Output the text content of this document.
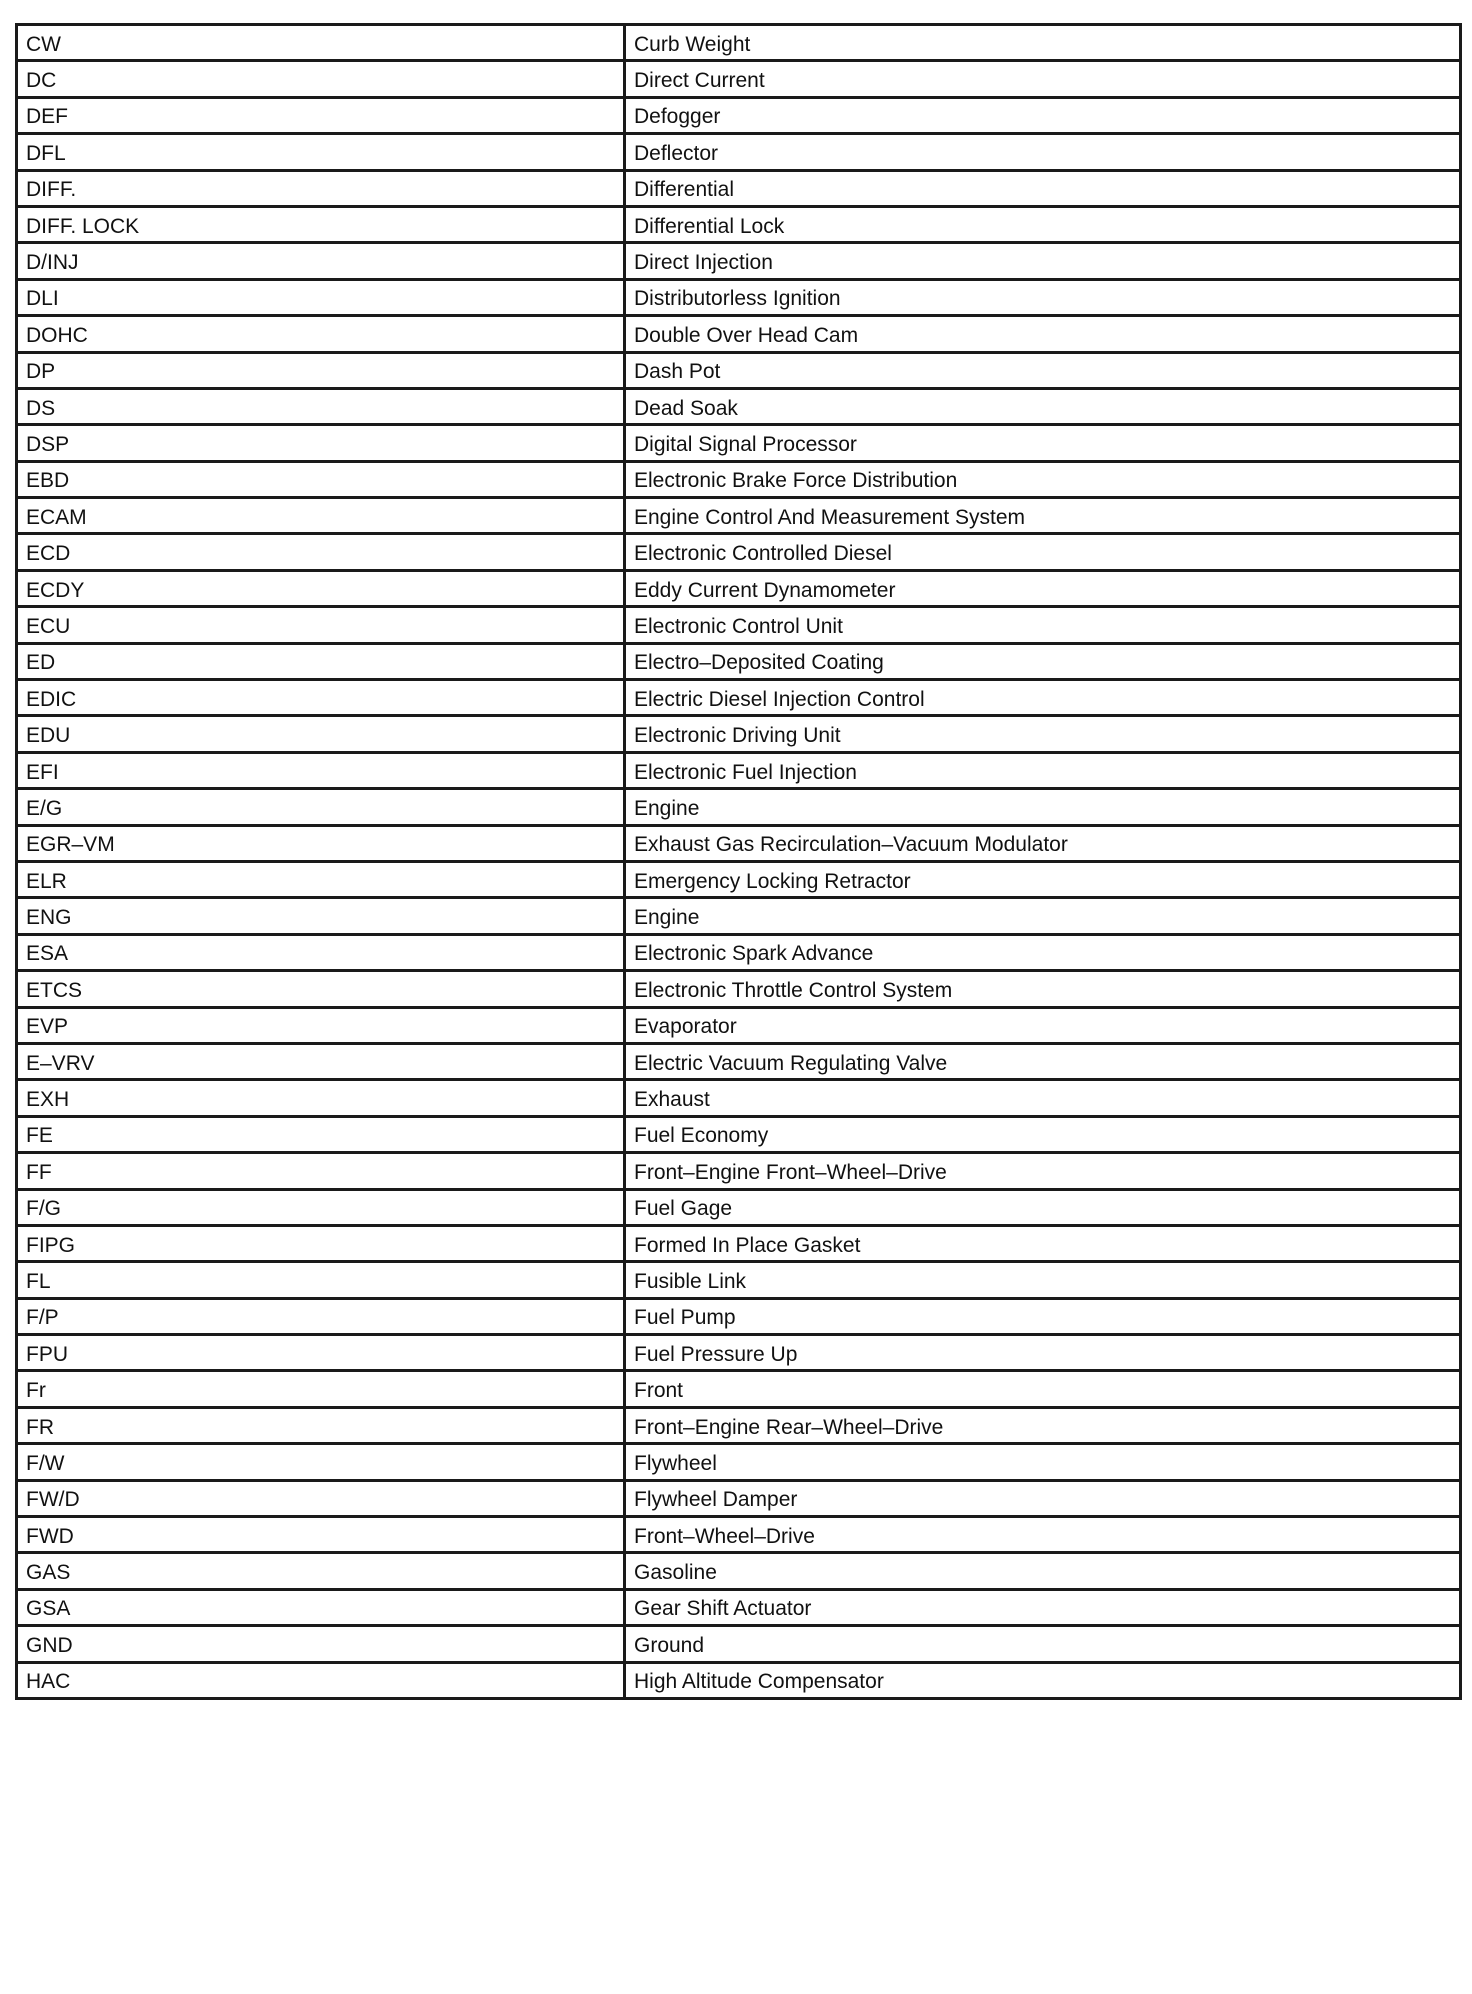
CW	Curb Weight
DC	Direct Current
DEF	Defogger
DFL	Deflector
DIFF.	Differential
DIFF. LOCK	Differential Lock
D/INJ	Direct Injection
DLI	Distributorless Ignition
DOHC	Double Over Head Cam
DP	Dash Pot
DS	Dead Soak
DSP	Digital Signal Processor
EBD	Electronic Brake Force Distribution
ECAM	Engine Control And Measurement System
ECD	Electronic Controlled Diesel
ECDY	Eddy Current Dynamometer
ECU	Electronic Control Unit
ED	Electro–Deposited Coating
EDIC	Electric Diesel Injection Control
EDU	Electronic Driving Unit
EFI	Electronic Fuel Injection
E/G	Engine
EGR–VM	Exhaust Gas Recirculation–Vacuum Modulator
ELR	Emergency Locking Retractor
ENG	Engine
ESA	Electronic Spark Advance
ETCS	Electronic Throttle Control System
EVP	Evaporator
E–VRV	Electric Vacuum Regulating Valve
EXH	Exhaust
FE	Fuel Economy
FF	Front–Engine Front–Wheel–Drive
F/G	Fuel Gage
FIPG	Formed In Place Gasket
FL	Fusible Link
F/P	Fuel Pump
FPU	Fuel Pressure Up
Fr	Front
FR	Front–Engine Rear–Wheel–Drive
F/W	Flywheel
FW/D	Flywheel Damper
FWD	Front–Wheel–Drive
GAS	Gasoline
GSA	Gear Shift Actuator
GND	Ground
HAC	High Altitude Compensator
